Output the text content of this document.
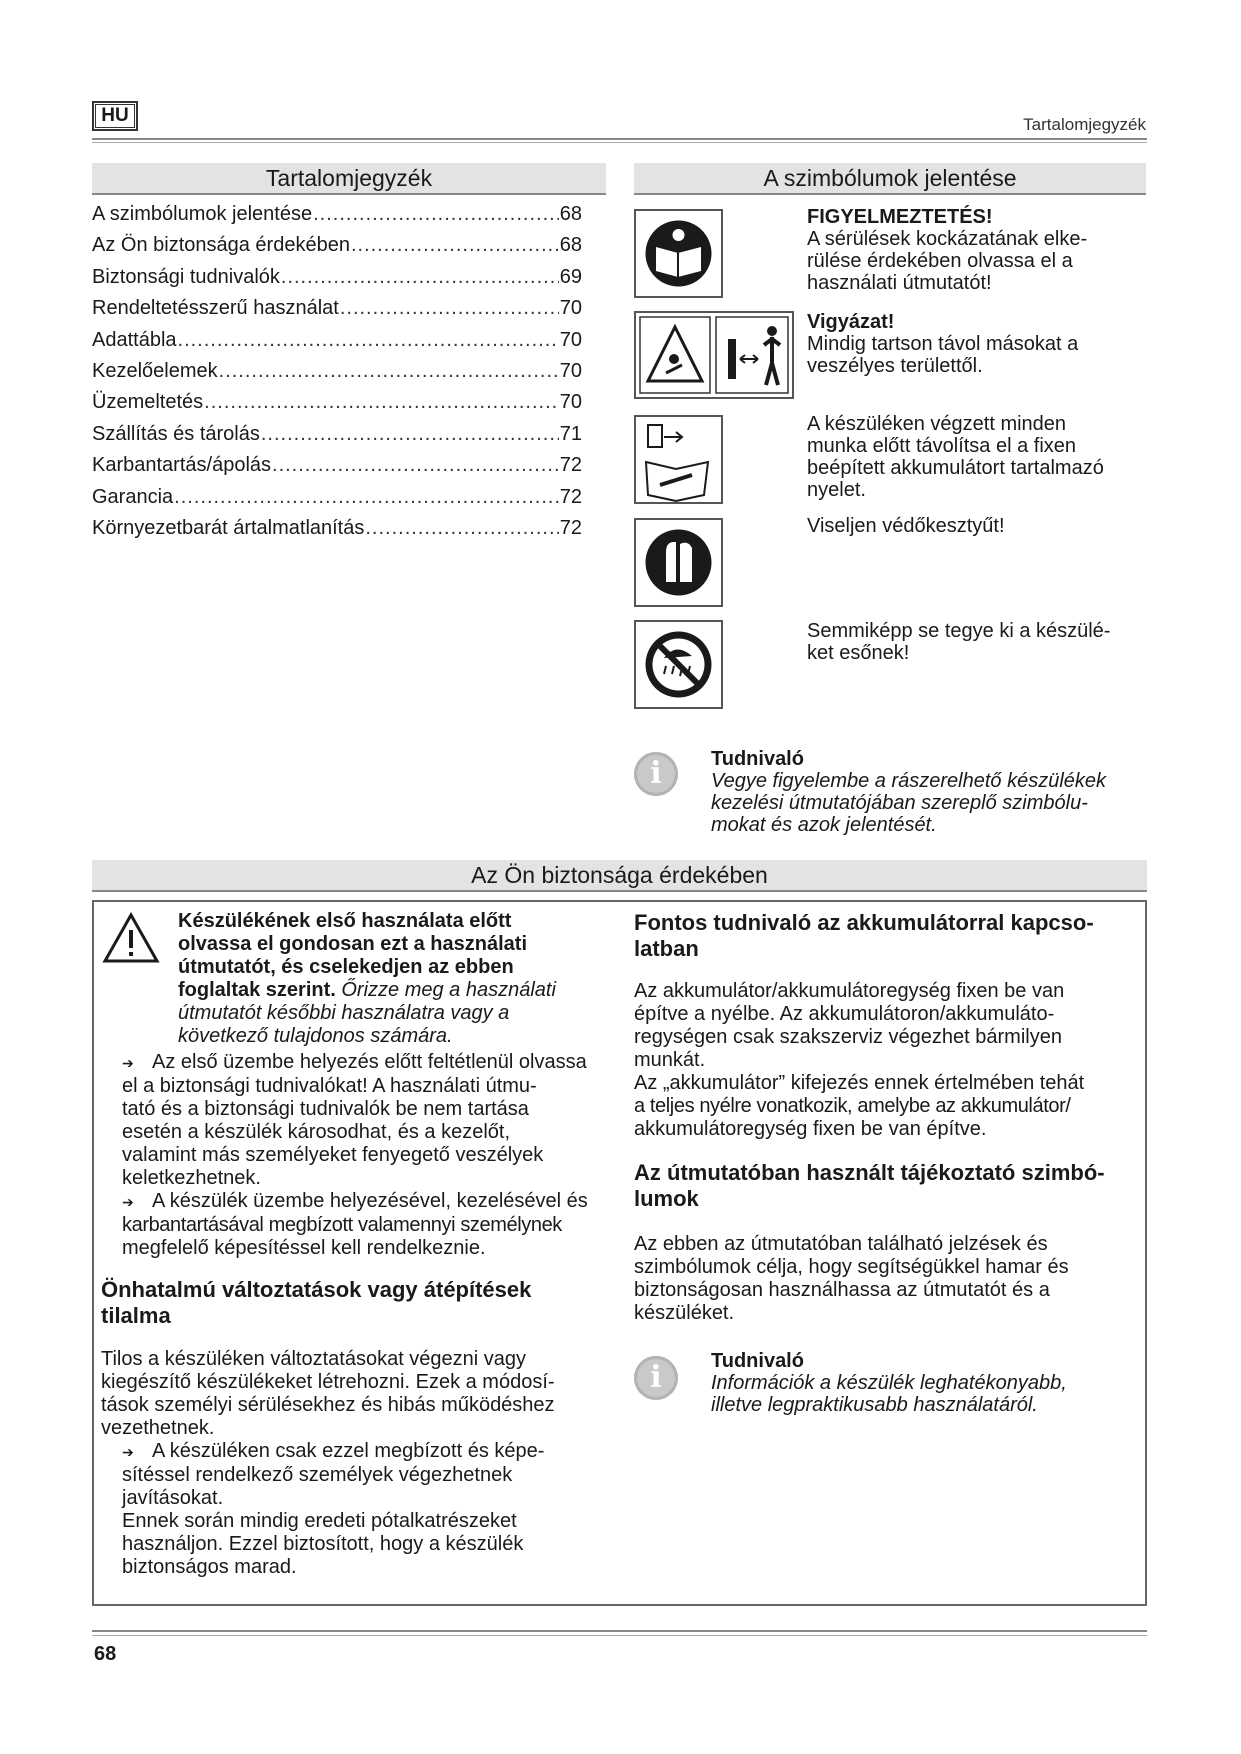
HU	Tartalomjegyzék
Tartalomjegyzék
A szimbólumok jelentése .....	68
Az Ön biztonsága érdekében .....	68
Biztonsági tudnivalók .....	69
Rendeltetésszerű használat .....	70
Adattábla .....	70
Kezelőelemek .....	70
Üzemeltetés .....	70
Szállítás és tárolás .....	71
Karbantartás/ápolás .....	72
Garancia .....	72
Környezetbarát ártalmatlanítás .....	72
A szimbólumok jelentése
FIGYELMEZTETÉS!
A sérülések kockázatának elke-
rülése érdekében olvassa el a
használati útmutatót!
Vigyázat!
Mindig tartson távol másokat a
veszélyes területtől.
A készüléken végzett minden
munka előtt távolítsa el a fixen
beépített akkumulátort tartalmazó
nyelet.
Viseljen védőkesztyűt!
Semmiképp se tegye ki a készülé-
ket esőnek!
i	Tudnivaló
Vegye figyelembe a rászerelhető készülékek
kezelési útmutatójában szereplő szimbólu-
mokat és azok jelentését.
Az Ön biztonsága érdekében
Készülékének első használata előtt
olvassa el gondosan ezt a használati
útmutatót, és cselekedjen az ebben
foglaltak szerint. Őrizze meg a használati
útmutatót későbbi használatra vagy a
következő tulajdonos számára.
➔ Az első üzembe helyezés előtt feltétlenül olvassa
el a biztonsági tudnivalókat! A használati útmu-
tató és a biztonsági tudnivalók be nem tartása
esetén a készülék károsodhat, és a kezelőt,
valamint más személyeket fenyegető veszélyek
keletkezhetnek.
➔ A készülék üzembe helyezésével, kezelésével és
karbantartásával megbízott valamennyi személynek
megfelelő képesítéssel kell rendelkeznie.
Önhatalmú változtatások vagy átépítések
tilalma
Tilos a készüléken változtatásokat végezni vagy
kiegészítő készülékeket létrehozni. Ezek a módosí-
tások személyi sérülésekhez és hibás működéshez
vezethetnek.
➔ A készüléken csak ezzel megbízott és képe-
sítéssel rendelkező személyek végezhetnek
javításokat.
Ennek során mindig eredeti pótalkatrészeket
használjon. Ezzel biztosított, hogy a készülék
biztonságos marad.
Fontos tudnivaló az akkumulátorral kapcso-
latban
Az akkumulátor/akkumulátoregység fixen be van
építve a nyélbe. Az akkumulátoron/akkumuláto-
regységen csak szakszerviz végezhet bármilyen
munkát.
Az „akkumulátor” kifejezés ennek értelmében tehát
a teljes nyélre vonatkozik, amelybe az akkumulátor/
akkumulátoregység fixen be van építve.
Az útmutatóban használt tájékoztató szimbó-
lumok
Az ebben az útmutatóban található jelzések és
szimbólumok célja, hogy segítségükkel hamar és
biztonságosan használhassa az útmutatót és a
készüléket.
i	Tudnivaló
Információk a készülék leghatékonyabb,
illetve legpraktikusabb használatáról.
68
